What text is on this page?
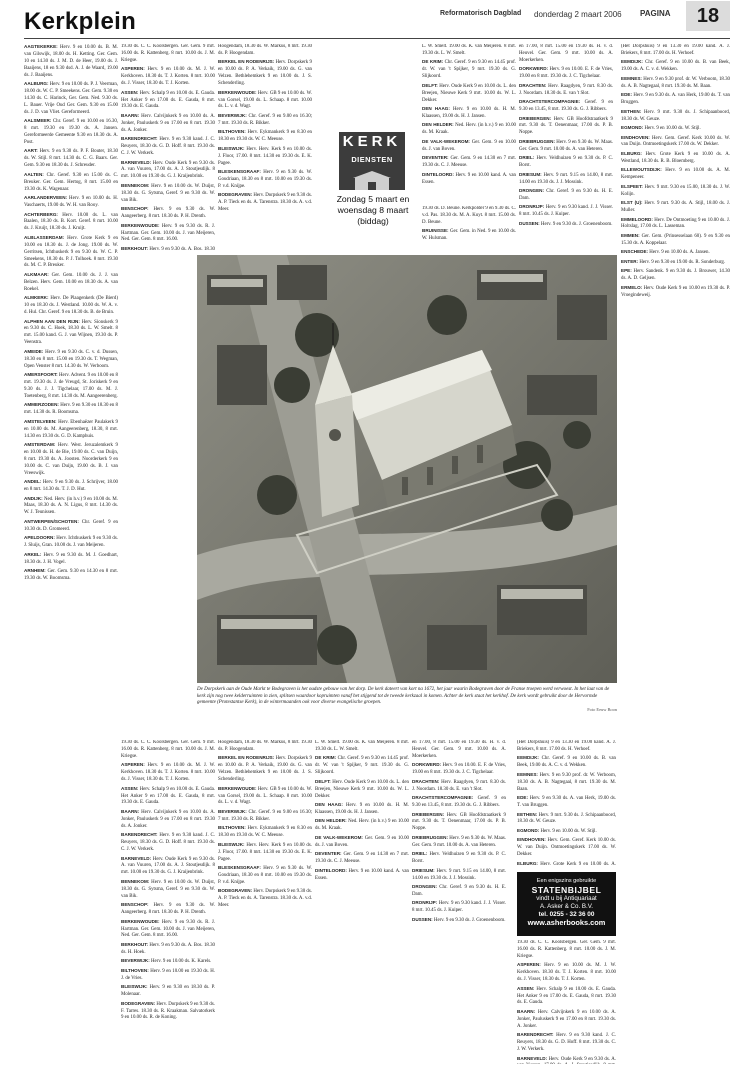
Kerkplein	Reformatorisch Dagblad donderdag 2 maart 2006 PAGINA	18

AAGTEKERKE: Herv. 9 en 10.00 ds. B. M. van Gilswijk, 18.00 ds. H. Ketting. Ger. Gem. 10 en 14.30 ds. J. M. D. de Heer, 19.00 ds. J. Baaijens, 18 en 9.30 dsd. A. J. de Waard, 19.00 ds. J. Baaijens.

AALBURG: Herv. 9 en 10.00 ds. P. J. Veerman, 18.00 ds. W. C. P. Smeekens. Ger. Gem. 9.30 en 14.30 ds. C. Harinck, Ger. Gem. Ned. 9.30 ds. L. Bauer. Vrije Oud Ger. Gem. 9.30 en 15.00 ds. J. D. van Vliet. Gereformeerd.

AALSMEER: Chr. Geref. 9 en 10.00 en 16.30, 8 mrt. 19.30 en 19.30 ds. A. Jansen. Gereformeerde Gemeente 9.30 en 18.30 ds. A. Post.

AART: Herv. 9 en 9.30 ds. P. F. Bouter, 18.30 ds. W. Stijl. 8 mrt. 14.30 ds. C. G. Baars. Ger. Gem. 9.30 en 18.30 ds. J. Schreuder.

AALTEN: Chr. Geref. 9.30 en 15.00 ds. C. Breuker. Ger. Gem. Hertog, 8 mrt. 15.00 en 19.30 ds. K. Wagenaar.

AARLANDERVEEN: Herv. 9 en 10.00 ds. H. Vaschaerts, 19.00 ds. W. H. van Rooy.

ACHTERBERG: Herv. 10.00 ds. L. van Baalen, 18.30 ds. B. Kort. Geref. 8 mrt. 10.00 ds. J. Kruijt, 18.30 ds. J. Kruijt.

ALBLASSERDAM: Herv. Grote Kerk 9 en 10.00 en 18.30 ds. J. de Jong. 19.00 ds. W. Gerritsen, Ichthuskerk 9 en 9.30 ds. W. C. P. Smeekens, 18.30 ds. P. J. Tolhoek. 8 mrt. 19.30 ds. M. C. P. Breuker.

ALKMAAR: Ger. Gem. 10.00 ds. J. J. van Belzen. Herv. Gem. 10.00 en 18.30 ds. A. van Roekel.

ALMKERK: Herv. De Plaagenkerk (De Bierd) 10 en 18.30 ds. J. Westland. 10.00 ds. W. A. v. d. Hul. Chr. Geref. 9 en 18.30 ds. B. de Bruin.

ALPHEN AAN DEN RIJN: Herv. Sionskerk 9 en 9.30 ds. C. Hoek, 18.30 ds. L. W. Smelt. 8 mrt. 15.00 kand. G. J. van Wijnen, 19.30 ds. P. Veenstra.

AMEIDE: Herv. 9 en 9.30 ds. C. v. d. Dussen, 18.30 en 8 mrt. 15.00 en 19.30 ds. T. Wegman, Open Venster 8 mrt. 14.30 ds. W. Verboom.

AMERSFOORT: Herv. Advent. 9 en 10.00 en 8 mrt. 19.30 ds. J. de Vreugd, St. Joriskerk 9 en 9.30 ds. J. J. Tigchelaar, 17.00 ds. M. J. Toetenberg, 8 mrt. 14.30 ds. M. Aangeerenberg.

AMMERZODEN: Herv. 9 en 9.30 en 18.30 en 8 mrt. 14.30 ds. R. Boomsma.

AMSTELVEEN: Herv. Ebenhaëzer Paulakerk 9 en 10.00 ds. M. Aangeerenberg, 18.30, 8 mrt. 14.30 en 19.30 ds. G. D. Kamphuis.

AMSTERDAM: Herv. West. Jeruzalemkerk 9 en 10.00 ds. H. de Bie, 19.00 ds. C. van Duijn, 8 mrt. 19.30 ds. A. Joosten. Noorderkerk 9 en 10.00 ds. C. van Duijn, 19.00 ds. B. J. van Vreeswijk.

ANDEL: Herv. 9 en 9.30 ds. J. Schrijver, 18.00 en 8 mrt. 14.30 ds. T. J. D. Hut.

ANDIJK: Ned. Herv. (in h.v.) 9 en 10.00 ds. M. Maas, 18.30 ds. A. N. Ligus, 8 mrt. 14.30 ds. W. J. Teunissen.

ANTWERPEN/SCHOTEN: Chr. Geref. 9 en 10.30 ds. D. Gromeerd.

APELDOORN: Herv. Ichthuskerk 9 en 9.30 ds. J. Sluijs, Gran. 10.00 ds. J. van Meijeren.

ARKEL: Herv. 9 en 9.30 ds. M. J. Goedhart, 18.30 ds. J. H. Vogel.

ARNHEM: Ger. Gem. 9.30 en 14.30 en 8 mrt. 19.30 ds. W. Boomsma.

19.30 ds. C. C. Koolsbergen. Ger. Gem. 9 mrt. 16.00 ds. R. Kattenberg. 8 mrt. 10.00 ds. J. M. Kriegse.

ASPEREN: Herv. 9 en 10.00 ds. M. J. W. Kerkhoven. 18.30 ds. T. J. Korten. 8 mrt. 10.00 ds. J. Visser, 18.30 ds. T. J. Korten.

ASSEN: Herv. Schalp 9 en 10.00 ds. E. Gauda. Het Anker 9 en 17.00 ds. E. Gauda, 8 mrt. 19.30 ds. E. Gauda.

BAARN: Herv. Calvijnkerk 9 en 10.00 ds. A. Jonker, Pauluskerk 9 en 17.00 en 8 mrt. 19.30 ds. A. Jonker.

BARENDRECHT: Herv. 9 en 9.30 kand. J. C. Reuyers, 18.30 ds. G. D. Hoff. 8 mrt. 19.30 ds. C. J. W. Verkerk.

BARNEVELD: Herv. Oude Kerk 9 en 9.30 ds. A. van Vuuren, 17.00 ds. A. J. Stoutjesdijk. 8 mrt. 10.00 en 19.30 ds. G. J. Kraijenbrink.

BENNEKOM: Herv. 9 en 10.00 ds. W. Duijst, 18.30 ds. G. Sytsma, Geref. 9 en 9.30 ds. W. van Bik.

BENSCHOP: Herv. 9 en 9.30 ds. W. Aangeerberg. 8 mrt. 18.30 ds. P. H. Drenth.

BERKENWOUDE: Herv. 9 en 9.30 ds. R. J. Hartman. Ger. Gem. 10.00 ds. J. van Meijeren, Ned. Ger. Gem. 8 mrt. 16.00.

BERKHOUT: Herv. 9 en 9.30 ds. A. Bos. 18.30

Hoogendam, 18.30 ds. W. Markus, 8 mrt. 19.30 ds. P. Hoogendam.

BERKEL EN RODENRIJS: Herv. Dorpskerk 9 en 10.00 ds. P. A. Verkaik, 19.00 ds. G. van Velzen. Bethlehemkerk 9 en 10.00 ds. J. S. Schenderling.

BERKENWOUDE: Herv. GB 9 en 10.00 ds. W. van Gorsel, 19.00 ds. L. Schaap. 8 mrt. 10.00 ds. L. v. d. Wagt.

BEVERWIJK: Chr. Geref. 9 en 9.00 en 16.30; 7 mrt. 19.30 ds. R. Bikker.

BILTHOVEN: Herv. Eykmankerk 9 en 8.30 en 18.30 en 19.30 ds. W. C. Meeuse.

BLEISWIJK: Herv. Herv. Kerk 9 en 10.00 ds. J. Floor, 17.00. 8 mrt. 14.30 en 19.30 ds. E. K. Pagee.

BLESKENSGRAAF: Herv. 9 en 9.30 ds. W. Goudriaan, 18.30 en 8 mrt. 10.00 en 19.30 ds. P. v.d. Knijpe.

BODEGRAVEN: Herv. Dorpskerk 9 en 9.30 ds. A. P. Tieck en ds. A. Tarenstra. 18.30 ds. A. v.d. Meer.	19.30 ds. D. Beune. Kerkpolder 9 en 9.30 ds. C. v.d. Pas. 18.30 ds. M. A. Kuyt. 8 mrt. 15.00 ds. D. Beune.

BRUINISSE: Ger. Gem. in Ned. 9 en 10.00 ds. W. Hulsman.

L. W. Smelt. 19.00 ds. K. van Meijeren. 8 mrt. 19.30 ds. L. W. Smelt.

DE KRIM: Chr. Geref. 9 en 9.30 en 14.45 prof. dr. W. van 't Spijker, 9 mrt. 19.30 ds. G. Slijkoord.

DELFT: Herv. Oude Kerk 9 en 10.00 ds. L. den Breejen, Nieuwe Kerk 9 mrt. 10.00 ds. W. L. Dekker.

DEN HAAG: Herv. 9 en 10.00 ds. H. M. Klaassen, 19.00 ds. H. J. Jansen.

DEN HELDER: Ned. Herv. (in h.v.) 9 en 10.00 ds. M. Kraak.

DE VALK-WEKEROM: Ger. Gem. 9 en 10.00 ds. J. van Boven.

DEVENTER: Ger. Gem. 9 en 14.30 en 7 mrt. 19.30 ds. C. J. Meeuse.

DINTELOORD: Herv. 9 en 10.00 kand. A. van Essen.

en 17.00, 8 mrt. 15.00 en 19.30 ds. H. v. d. Heuvel. Ger. Gem. 9 mrt. 10.00 ds. A. Moerkerken.

DORKWERD: Herv. 9 en 10.00. E. F. de Vries, 19.00 en 8 mrt. 19.30 ds. J. C. Tigchelaar.

DRACHTEN: Herv. Raagdyen, 9 mrt. 8.30 ds. J. Noordam. 18.30 ds. E. van 't Slot.

DRACHTSTERCOMPAGNIE: Geref. 9 en 9.30 en 13.45, 8 mrt. 19.30 ds. G. J. Ribbers.

DRIEBERGEN: Herv. GB Hoofdstraatkerk 9 mrt. 9.30 ds. T. Oenenmaar, 17.00 ds. P. B. Noppe.

DRIEBRUGGEN: Herv. 9 en 9.30 ds. W. Maas. Ger. Gem. 9 mrt. 10.00 ds. A. van Heteren.

DRIEL: Herv. Veldhuizen 9 en 9.30 ds. P. C. Borst.

DRIESUM: Herv. 9 mrt. 9.15 en 14.00, 8 mrt. 14.00 en 19.30 ds. J. J. Mossink.

DRONGEN: Chr. Geref. 9 en 9.30 ds. H. E. Dam.

DRONRIJP: Herv. 9 en 9.30 kand. J. J. Visser. 8 mrt. 10.45 ds. J. Kuiper.

DUSSEN: Herv. 9 en 9.30 ds. J. Groenenboom.

(Het Dorpshuis) 9 en 13.30 en 19.00 kand. A. J. Briekers, 8 mrt. 17.00 ds. H. Verhoef.

EEMDIJK: Chr. Geref. 9 en 10.00 ds. B. van Beek, 19.00 ds. A. C. v. d. Wekken.

EEMNES: Herv. 9 en 9.30 prof. dr. W. Verboom, 18.30 ds. A. B. Nagtegaal, 8 mrt. 19.30 ds. M. Baan.

EDE: Herv. 9 en 9.30 ds. A. van Herk, 19.00 ds. T. van Bruggen.

EETHEN: Herv. 9 mrt. 9.30 ds. J. Schipaanboord, 18.30 ds. W. Geuze.

EGMOND: Herv. 9 en 10.00 ds. W. Stijl.

EINDHOVEN: Herv. Gem. Geref. Kerk 10.00 ds. W. van Duijn. Ontmoetingskerk 17.00 ds. W. Dekker.

ELBURG: Herv. Grote Kerk 9 en 10.00 ds. A. Westland, 18.30 ds. R. B. Bloemberg.

ELLEWOUTSDIJK: Herv. 9 en 10.00 ds. A. M. Kempeneer.

ELSPEET: Herv. 9 mrt. 9.30 en 15.00, 18.30 ds. J. W. Kolijn.

ELST (U): Herv. 9 mrt. 9.30 ds. A. Stijl, 18.00 ds. J. Muller.

EMMELOORD: Herv. De Ontmoeting 9 en 10.00 ds. J. Holtslag, 17.00 ds. L. Lasseman.

EMMEN: Ger. Gem. (Prinsesselaan 60). 9 en 9.30 en 15.30 ds. A. Koppelaar.

ENSCHEDE: Herv. 9 en 10.00 ds. A. Jansen.

ENTER: Herv. 9 en 9.30 en 19.00 ds. R. Sonderburg.

EPE: Herv. Sandenk. 9 en 9.30 ds. J. Brouwer, 14.30 ds. A. D. Geljsen.

ERMELO: Herv. Oude Kerk 9 en 10.00 en 19.30 ds. P. Vroegindeweij.

19.30 ds. C. C. Koolsbergen. Ger. Gem. 9 mrt. 16.00 ds. R. Kattenberg. 8 mrt. 10.00 ds. J. M. Kriegse.

ASPEREN: Herv. 9 en 10.00 ds. M. J. W. Kerkhoven. 18.30 ds. T. J. Korten. 8 mrt. 10.00 ds. J. Visser, 18.30 ds. T. J. Korten.

ASSEN: Herv. Schalp 9 en 10.00 ds. E. Gauda. Het Anker 9 en 17.00 ds. E. Gauda, 8 mrt. 19.30 ds. E. Gauda.

BAARN: Herv. Calvijnkerk 9 en 10.00 ds. A. Jonker, Pauluskerk 9 en 17.00 en 8 mrt. 19.30 ds. A. Jonker.

BARENDRECHT: Herv. 9 en 9.30 kand. J. C. Reuyers, 18.30 ds. G. D. Hoff. 8 mrt. 19.30 ds. C. J. W. Verkerk.

BARNEVELD: Herv. Oude Kerk 9 en 9.30 ds. A. van Vuuren, 17.00 ds. A. J. Stoutjesdijk. 8 mrt. 10.00 en 19.30 ds. G. J. Kraijenbrink.

BENNEKOM: Herv. 9 en 10.00 ds. W. Duijst, 18.30 ds. G. Sytsma, Geref. 9 en 9.30 ds. W. van Bik.

BENSCHOP: Herv. 9 en 9.30 ds. W. Aangeerberg. 8 mrt. 18.30 ds. P. H. Drenth.

BERKENWOUDE: Herv. 9 en 9.30 ds. R. J. Hartman. Ger. Gem. 10.00 ds. J. van Meijeren, Ned. Ger. Gem. 8 mrt. 16.00.

BERKHOUT: Herv. 9 en 9.30 ds. A. Bos. 18.30 ds. H. Hoek.

BEVERWIJK: Herv. 9 en 10.00 ds. K. Karels.

BILTHOVEN: Herv. 9 en 10.00 en 19.30 ds. H. J. de Vries.

BLEISWIJK: Herv. 9 en 9.30 en 18.30 ds. P. Molenaar.

BODEGRAVEN: Herv. Dorpskerk 9 en 9.30 ds. F. Tarres. 18.30 ds. R. Kraakman. Salvatorkerk 9 en 10.00 ds. R. de Koning.

Hoogendam, 18.30 ds. W. Markus, 8 mrt. 19.30 ds. P. Hoogendam.

BERKEL EN RODENRIJS: Herv. Dorpskerk 9 en 10.00 ds. P. A. Verkaik, 19.00 ds. G. van Velzen. Bethlehemkerk 9 en 10.00 ds. J. S. Schenderling.

BERKENWOUDE: Herv. GB 9 en 10.00 ds. W. van Gorsel, 19.00 ds. L. Schaap. 8 mrt. 10.00 ds. L. v. d. Wagt.

BEVERWIJK: Chr. Geref. 9 en 9.00 en 16.30; 7 mrt. 19.30 ds. R. Bikker.

BILTHOVEN: Herv. Eykmankerk 9 en 8.30 en 18.30 en 19.30 ds. W. C. Meeuse.

BLEISWIJK: Herv. Herv. Kerk 9 en 10.00 ds. J. Floor, 17.00. 8 mrt. 14.30 en 19.30 ds. E. K. Pagee.

BLESKENSGRAAF: Herv. 9 en 9.30 ds. W. Goudriaan, 18.30 en 8 mrt. 10.00 en 19.30 ds. P. v.d. Knijpe.

BODEGRAVEN: Herv. Dorpskerk 9 en 9.30 ds. A. P. Tieck en ds. A. Tarenstra. 18.30 ds. A. v.d. Meer.

L. W. Smelt. 19.00 ds. K. van Meijeren. 8 mrt. 19.30 ds. L. W. Smelt.

DE KRIM: Chr. Geref. 9 en 9.30 en 14.45 prof. dr. W. van 't Spijker, 9 mrt. 19.30 ds. G. Slijkoord.

DELFT: Herv. Oude Kerk 9 en 10.00 ds. L. den Breejen, Nieuwe Kerk 9 mrt. 10.00 ds. W. L. Dekker.

DEN HAAG: Herv. 9 en 10.00 ds. H. M. Klaassen, 19.00 ds. H. J. Jansen.

DEN HELDER: Ned. Herv. (in h.v.) 9 en 10.00 ds. M. Kraak.

DE VALK-WEKEROM: Ger. Gem. 9 en 10.00 ds. J. van Boven.

DEVENTER: Ger. Gem. 9 en 14.30 en 7 mrt. 19.30 ds. C. J. Meeuse.

DINTELOORD: Herv. 9 en 10.00 kand. A. van Essen.

en 17.00, 8 mrt. 15.00 en 19.30 ds. H. v. d. Heuvel. Ger. Gem. 9 mrt. 10.00 ds. A. Moerkerken.

DORKWERD: Herv. 9 en 10.00. E. F. de Vries, 19.00 en 8 mrt. 19.30 ds. J. C. Tigchelaar.

DRACHTEN: Herv. Raagdyen, 9 mrt. 8.30 ds. J. Noordam. 18.30 ds. E. van 't Slot.

DRACHTSTERCOMPAGNIE: Geref. 9 en 9.30 en 13.45, 8 mrt. 19.30 ds. G. J. Ribbers.

DRIEBERGEN: Herv. GB Hoofdstraatkerk 9 mrt. 9.30 ds. T. Oenenmaar, 17.00 ds. P. B. Noppe.

DRIEBRUGGEN: Herv. 9 en 9.30 ds. W. Maas. Ger. Gem. 9 mrt. 10.00 ds. A. van Heteren.

DRIEL: Herv. Veldhuizen 9 en 9.30 ds. P. C. Borst.

DRIESUM: Herv. 9 mrt. 9.15 en 14.00, 8 mrt. 14.00 en 19.30 ds. J. J. Mossink.

DRONGEN: Chr. Geref. 9 en 9.30 ds. H. E. Dam.

DRONRIJP: Herv. 9 en 9.30 kand. J. J. Visser. 8 mrt. 10.45 ds. J. Kuiper.

DUSSEN: Herv. 9 en 9.30 ds. J. Groenenboom.

(Het Dorpshuis) 9 en 13.30 en 19.00 kand. A. J. Briekers, 8 mrt. 17.00 ds. H. Verhoef.

EEMDIJK: Chr. Geref. 9 en 10.00 ds. B. van Beek, 19.00 ds. A. C. v. d. Wekken.

EEMNES: Herv. 9 en 9.30 prof. dr. W. Verboom, 18.30 ds. A. B. Nagtegaal, 8 mrt. 19.30 ds. M. Baan.

EDE: Herv. 9 en 9.30 ds. A. van Herk, 19.00 ds. T. van Bruggen.

EETHEN: Herv. 9 mrt. 9.30 ds. J. Schipaanboord, 18.30 ds. W. Geuze.

EGMOND: Herv. 9 en 10.00 ds. W. Stijl.

EINDHOVEN: Herv. Gem. Geref. Kerk 10.00 ds. W. van Duijn. Ontmoetingskerk 17.00 ds. W. Dekker.

ELBURG: Herv. Grote Kerk 9 en 10.00 ds. A.

19.30 ds. C. C. Koolsbergen. Ger. Gem. 9 mrt. 16.00 ds. R. Kattenberg. 8 mrt. 10.00 ds. J. M. Kriegse.

ASPEREN: Herv. 9 en 10.00 ds. M. J. W. Kerkhoven. 18.30 ds. T. J. Korten. 8 mrt. 10.00 ds. J. Visser, 18.30 ds. T. J. Korten.

ASSEN: Herv. Schalp 9 en 10.00 ds. E. Gauda. Het Anker 9 en 17.00 ds. E. Gauda, 8 mrt. 19.30 ds. E. Gauda.

BAARN: Herv. Calvijnkerk 9 en 10.00 ds. A. Jonker, Pauluskerk 9 en 17.00 en 8 mrt. 19.30 ds. A. Jonker.

BARENDRECHT: Herv. 9 en 9.30 kand. J. C. Reuyers, 18.30 ds. G. D. Hoff. 8 mrt. 19.30 ds. C. J. W. Verkerk.

BARNEVELD: Herv. Oude Kerk 9 en 9.30 ds. A.

KERK
DIENSTEN
Zondag 5 maart en
woensdag 8 maart
(biddag)
De Dorpskerk aan de Oude Markt te Bodegraven is het oudste gebouw van het dorp. De kerk dateert van kort na 1672, het jaar waarin Bodegraven door de Franse troepen werd verwoest. In het laat van de kerk zijn nog twee kelderruimten in zien, splitsen waardoor kopruimten vanaf het stijgend tot de tweede kerkzaal in komen. Achter de kerk staat het kerkhof. De kerk wordt gebruikt door de Hervormde gemeente (Protestantse Kerk), in de wintermaanden ook voor diverse evangelische groepen.
Foto Eeuw Boon
Een enigszins gebruikte
STATENBIJBEL
vindt u bij Antiquariaat
A. Asker & Co. B.V.
tel. 0255 - 32 36 00
www.asherbooks.com
